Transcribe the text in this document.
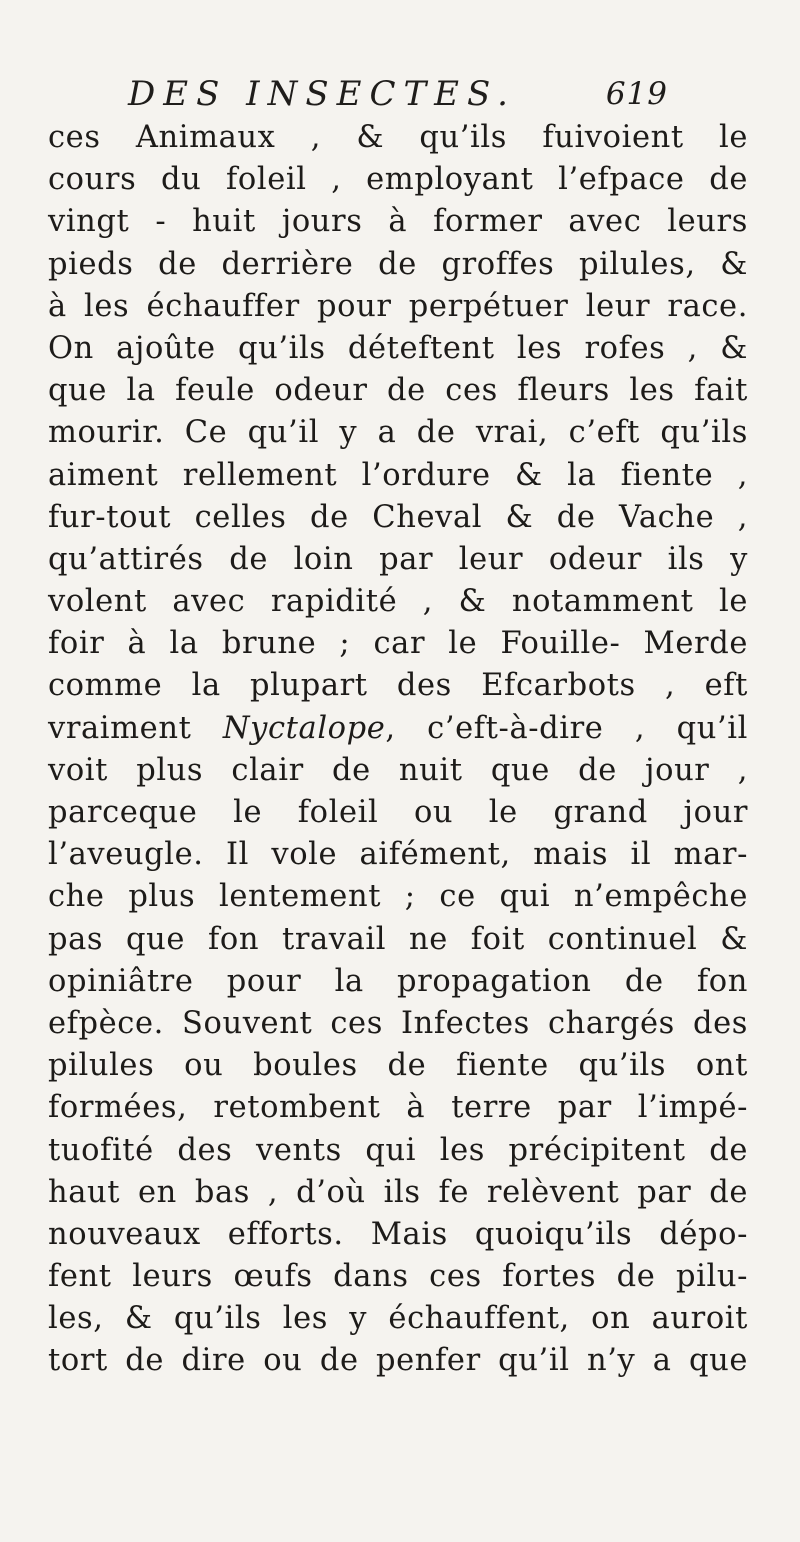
DES INSECTES.	619
ces Animaux , & qu’ils fuivoient le
cours du foleil , employant l’efpace de
vingt - huit jours à former avec leurs
pieds de derrière de groffes pilules, &
à les échauffer pour perpétuer leur race.
On ajoûte qu’ils déteftent les rofes , &
que la feule odeur de ces fleurs les fait
mourir. Ce qu’il y a de vrai, c’eft qu’ils
aiment rellement l’ordure & la fiente ,
fur-tout celles de Cheval & de Vache ,
qu’attirés de loin par leur odeur ils y
volent avec rapidité , & notamment le
foir à la brune ; car le Fouille- Merde
comme la plupart des Efcarbots , eft
vraiment Nyctalope, c’eft-à-dire , qu’il
voit plus clair de nuit que de jour ,
parceque le foleil ou le grand jour
l’aveugle. Il vole aifément, mais il mar-
che plus lentement ; ce qui n’empêche
pas que fon travail ne foit continuel &
opiniâtre pour la propagation de fon
efpèce. Souvent ces Infectes chargés des
pilules ou boules de fiente qu’ils ont
formées, retombent à terre par l’impé-
tuofité des vents qui les précipitent de
haut en bas , d’où ils fe relèvent par de
nouveaux efforts. Mais quoiqu’ils dépo-
fent leurs œufs dans ces fortes de pilu-
les, & qu’ils les y échauffent, on auroit
tort de dire ou de penfer qu’il n’y a que
